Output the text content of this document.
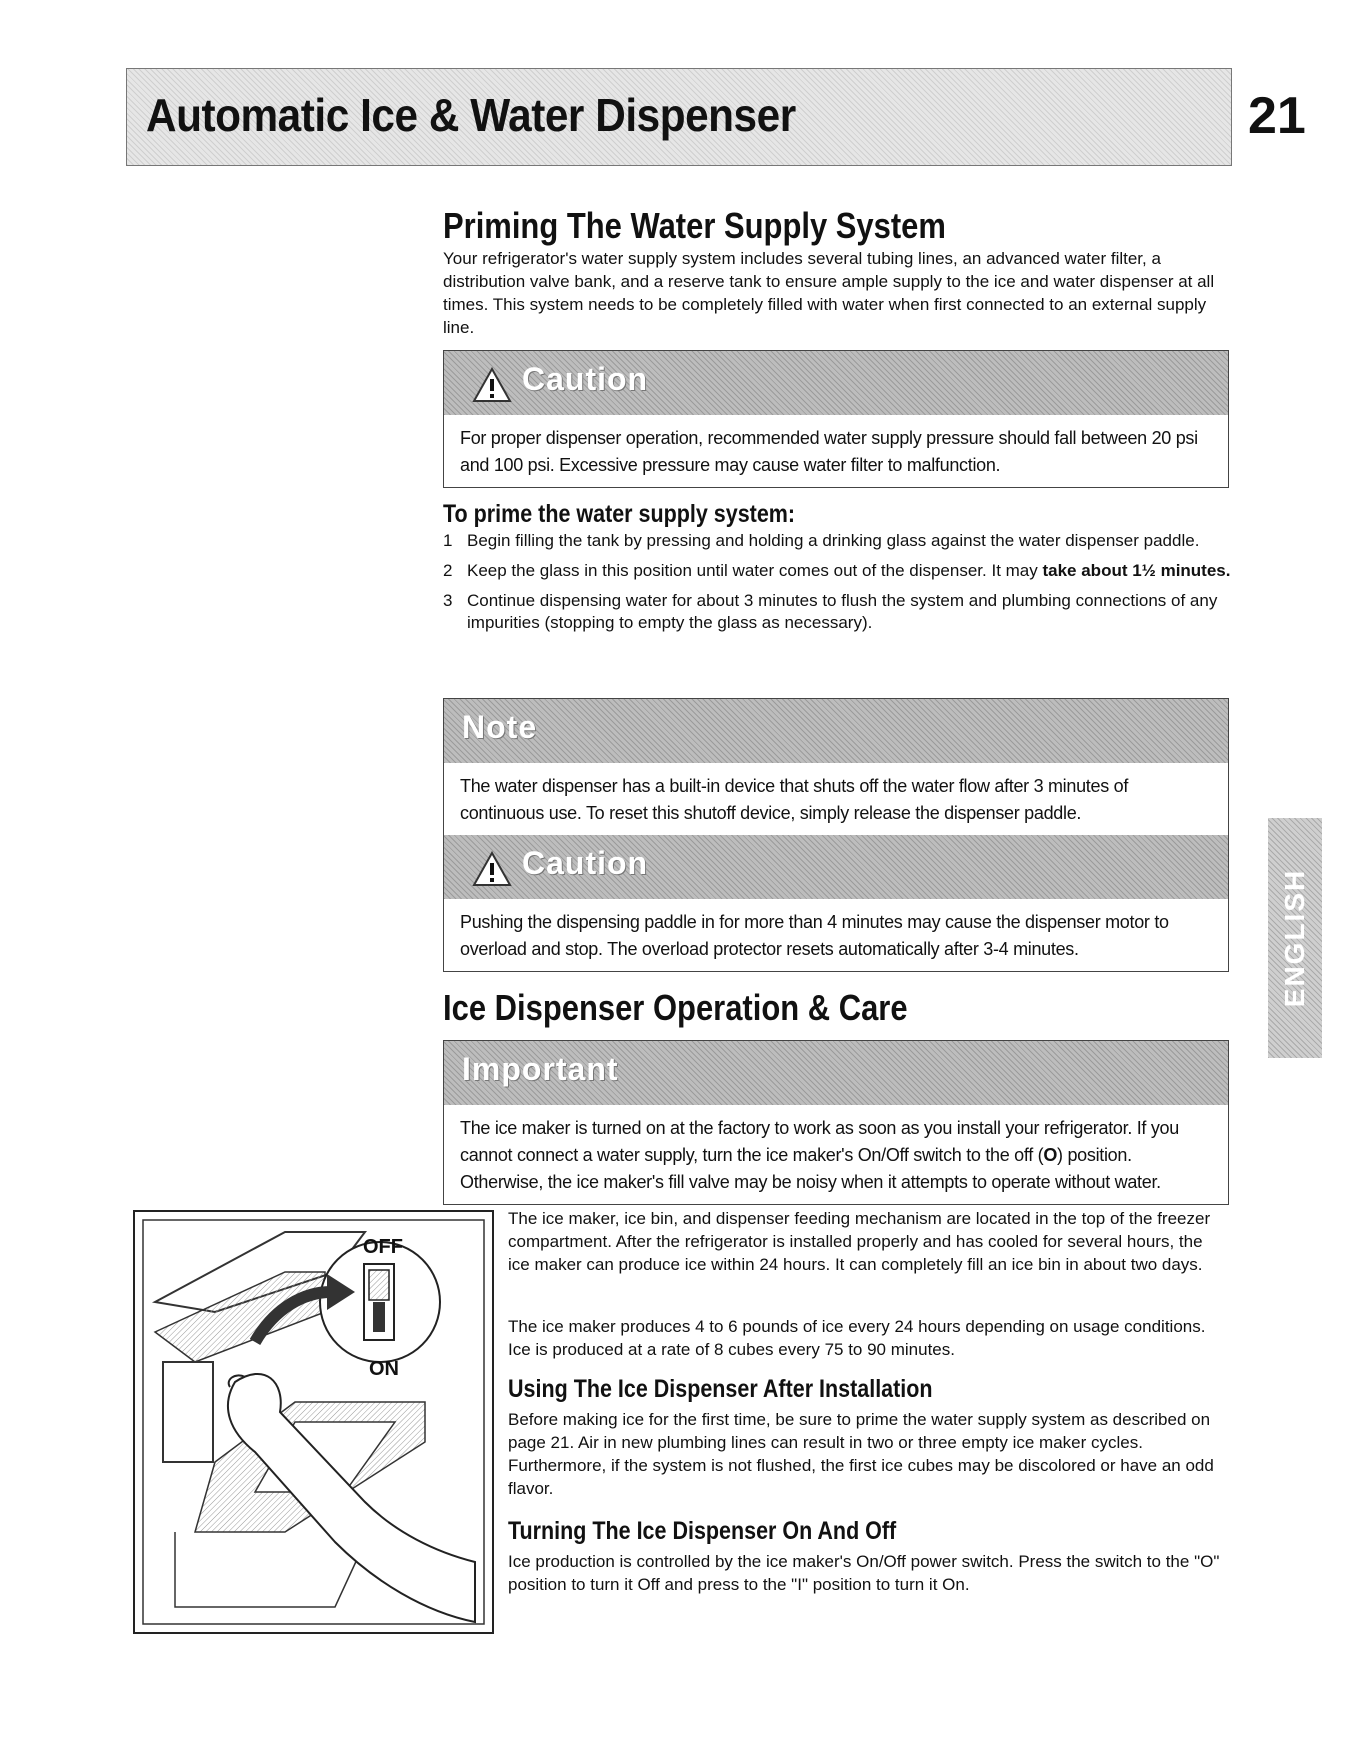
Automatic Ice & Water Dispenser	21
ENGLISH
Priming The Water Supply System
Your refrigerator's water supply system includes several tubing lines, an advanced water filter, a distribution valve bank, and a reserve tank to ensure ample supply to the ice and water dispenser at all times. This system needs to be completely filled with water when first connected to an external supply line.
Caution
For proper dispenser operation, recommended water supply pressure should fall between 20 psi and 100 psi. Excessive pressure may cause water filter to malfunction.
To prime the water supply system:
1 Begin filling the tank by pressing and holding a drinking glass against the water dispenser paddle.
2 Keep the glass in this position until water comes out of the dispenser. It may take about 1½ minutes.
3 Continue dispensing water for about 3 minutes to flush the system and plumbing connections of any impurities (stopping to empty the glass as necessary).
Note
The water dispenser has a built-in device that shuts off the water flow after 3 minutes of continuous use. To reset this shutoff device, simply release the dispenser paddle.
Caution
Pushing the dispensing paddle in for more than 4 minutes may cause the dispenser motor to overload and stop. The overload protector resets automatically after 3-4 minutes.
Ice Dispenser Operation & Care
Important
The ice maker is turned on at the factory to work as soon as you install your refrigerator. If you cannot connect a water supply, turn the ice maker's On/Off switch to the off (O) position. Otherwise, the ice maker's fill valve may be noisy when it attempts to operate without water.
OFF
ON
The ice maker, ice bin, and dispenser feeding mechanism are located in the top of the freezer compartment. After the refrigerator is installed properly and has cooled for several hours, the ice maker can produce ice within 24 hours. It can completely fill an ice bin in about two days.
The ice maker produces 4 to 6 pounds of ice every 24 hours depending on usage conditions. Ice is produced at a rate of 8 cubes every 75 to 90 minutes.
Using The Ice Dispenser After Installation
Before making ice for the first time, be sure to prime the water supply system as described on page 21. Air in new plumbing lines can result in two or three empty ice maker cycles. Furthermore, if the system is not flushed, the first ice cubes may be discolored or have an odd flavor.
Turning The Ice Dispenser On And Off
Ice production is controlled by the ice maker's On/Off power switch. Press the switch to the "O" position to turn it Off and press to the "I" position to turn it On.
